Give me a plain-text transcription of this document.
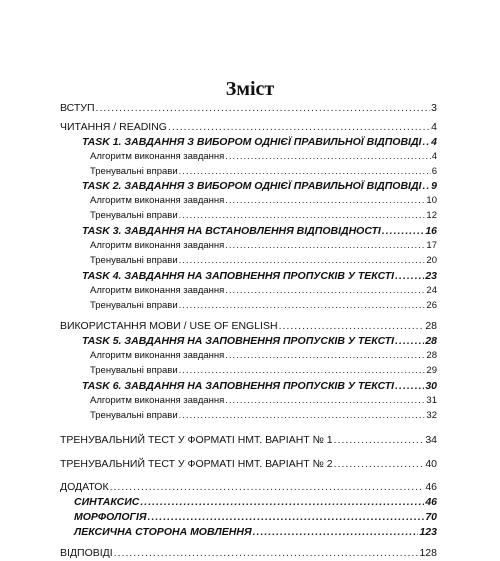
Зміст
ВСТУП .....	3
ЧИТАННЯ / READING .....	4
TASK 1. ЗАВДАННЯ З ВИБОРОМ ОДНІЄЇ ПРАВИЛЬНОЇ ВІДПОВІДІ ..... 4
Алгоритм виконання завдання .....	4
Тренувальні вправи .....	6
TASK 2. ЗАВДАННЯ З ВИБОРОМ ОДНІЄЇ ПРАВИЛЬНОЇ ВІДПОВІДІ ..... 9
Алгоритм виконання завдання .....	10
Тренувальні вправи .....	12
TASK 3. ЗАВДАННЯ НА ВСТАНОВЛЕННЯ ВІДПОВІДНОСТІ .....	16
Алгоритм виконання завдання .....	17
Тренувальні вправи .....	20
TASK 4. ЗАВДАННЯ НА ЗАПОВНЕННЯ ПРОПУСКІВ У ТЕКСТІ .....	23
Алгоритм виконання завдання .....	24
Тренувальні вправи .....	26
ВИКОРИСТАННЯ МОВИ / USE OF ENGLISH .....	28
TASK 5. ЗАВДАННЯ НА ЗАПОВНЕННЯ ПРОПУСКІВ У ТЕКСТІ .....	28
Алгоритм виконання завдання .....	28
Тренувальні вправи .....	29
TASK 6. ЗАВДАННЯ НА ЗАПОВНЕННЯ ПРОПУСКІВ У ТЕКСТІ .....	30
Алгоритм виконання завдання .....	31
Тренувальні вправи .....	32
ТРЕНУВАЛЬНИЙ ТЕСТ У ФОРМАТІ НМТ. ВАРІАНТ № 1 .....	34
ТРЕНУВАЛЬНИЙ ТЕСТ У ФОРМАТІ НМТ. ВАРІАНТ № 2 .....	40
ДОДАТОК .....	46
СИНТАКСИС .....	46
МОРФОЛОГІЯ .....	70
ЛЕКСИЧНА СТОРОНА МОВЛЕННЯ .....	123
ВІДПОВІДІ .....	128
